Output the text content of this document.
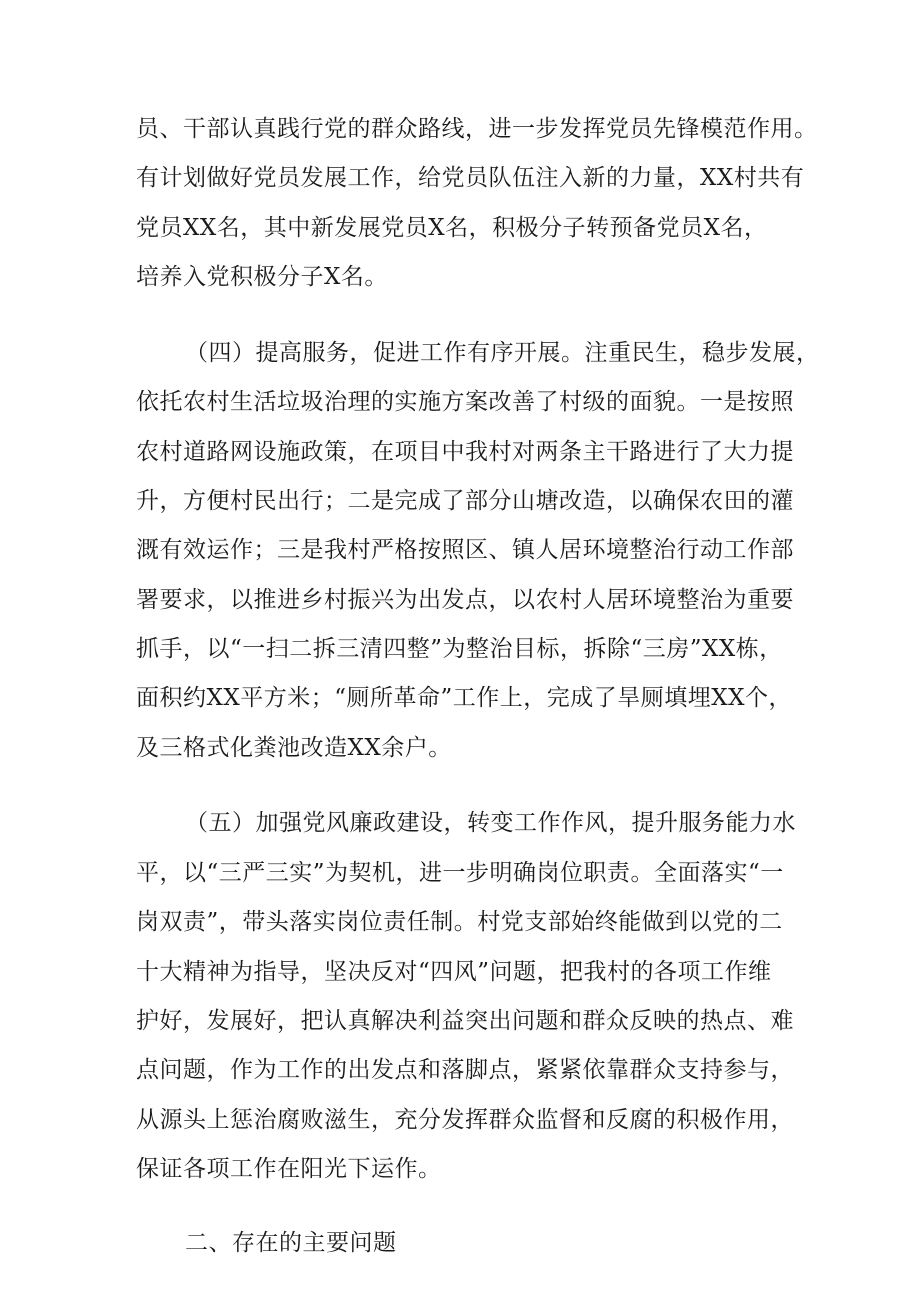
员、干部认真践行党的群众路线，进一步发挥党员先锋模范作用。
有计划做好党员发展工作，给党员队伍注入新的力量，XX村共有
党员XX名，其中新发展党员X名，积极分子转预备党员X名，
培养入党积极分子X名。
（四）提高服务，促进工作有序开展。注重民生，稳步发展，
依托农村生活垃圾治理的实施方案改善了村级的面貌。一是按照
农村道路网设施政策，在项目中我村对两条主干路进行了大力提
升，方便村民出行；二是完成了部分山塘改造，以确保农田的灌
溉有效运作；三是我村严格按照区、镇人居环境整治行动工作部
署要求，以推进乡村振兴为出发点，以农村人居环境整治为重要
抓手，以“一扫二拆三清四整”为整治目标，拆除“三房”XX栋，
面积约XX平方米；“厕所革命”工作上，完成了旱厕填埋XX个，
及三格式化粪池改造XX余户。
（五）加强党风廉政建设，转变工作作风，提升服务能力水
平，以“三严三实”为契机，进一步明确岗位职责。全面落实“一
岗双责”，带头落实岗位责任制。村党支部始终能做到以党的二
十大精神为指导，坚决反对“四风”问题，把我村的各项工作维
护好，发展好，把认真解决利益突出问题和群众反映的热点、难
点问题，作为工作的出发点和落脚点，紧紧依靠群众支持参与，
从源头上惩治腐败滋生，充分发挥群众监督和反腐的积极作用，
保证各项工作在阳光下运作。
二、存在的主要问题
